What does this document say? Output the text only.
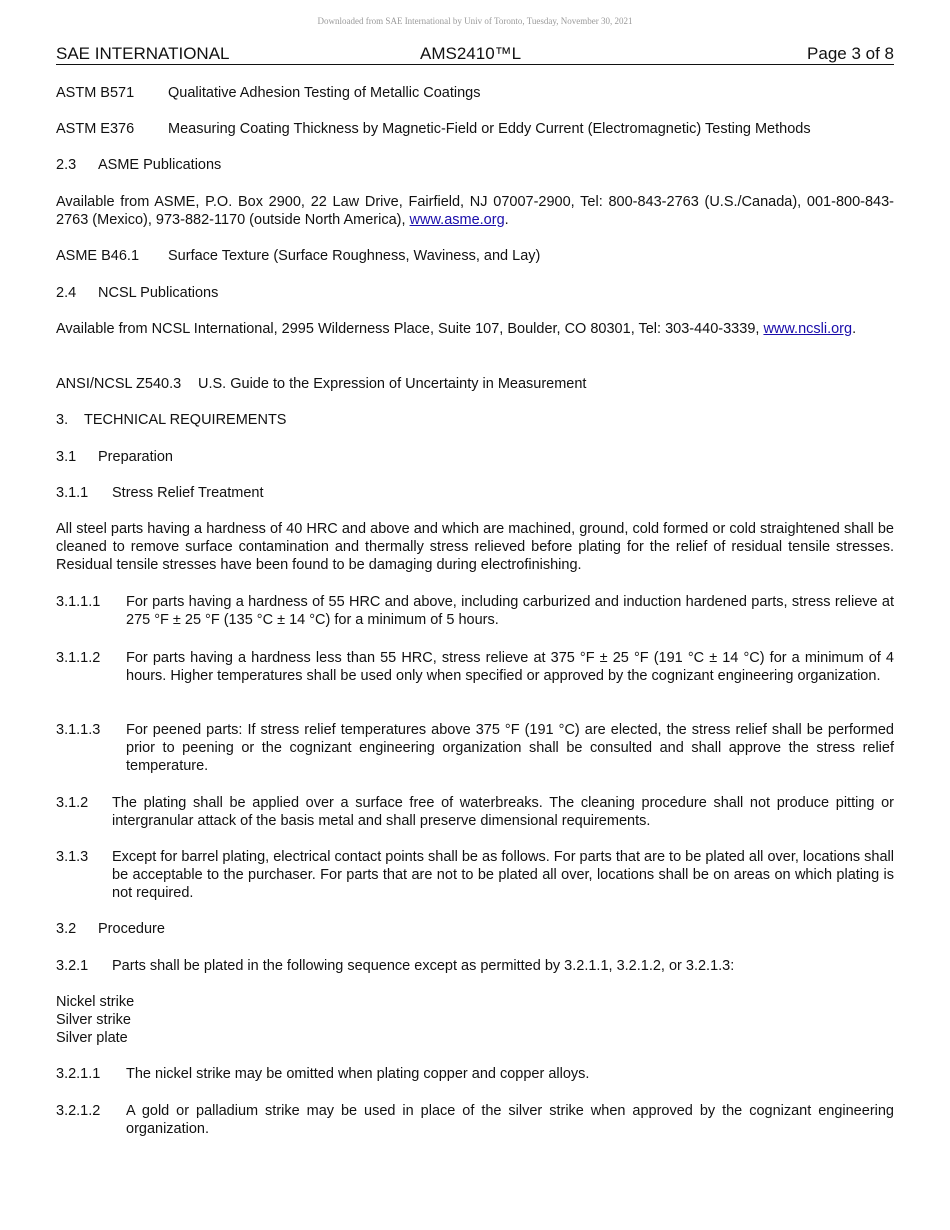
Downloaded from SAE International by Univ of Toronto, Tuesday, November 30, 2021
SAE INTERNATIONAL	AMS2410™L	Page 3 of 8
ASTM B571 Qualitative Adhesion Testing of Metallic Coatings
ASTM E376 Measuring Coating Thickness by Magnetic-Field or Eddy Current (Electromagnetic) Testing Methods
2.3 ASME Publications
Available from ASME, P.O. Box 2900, 22 Law Drive, Fairfield, NJ 07007-2900, Tel: 800-843-2763 (U.S./Canada), 001-800-843-2763 (Mexico), 973-882-1170 (outside North America), www.asme.org.
ASME B46.1 Surface Texture (Surface Roughness, Waviness, and Lay)
2.4 NCSL Publications
Available from NCSL International, 2995 Wilderness Place, Suite 107, Boulder, CO 80301, Tel: 303-440-3339, www.ncsli.org.
ANSI/NCSL Z540.3 U.S. Guide to the Expression of Uncertainty in Measurement
3. TECHNICAL REQUIREMENTS
3.1 Preparation
3.1.1 Stress Relief Treatment
All steel parts having a hardness of 40 HRC and above and which are machined, ground, cold formed or cold straightened shall be cleaned to remove surface contamination and thermally stress relieved before plating for the relief of residual tensile stresses. Residual tensile stresses have been found to be damaging during electrofinishing.
3.1.1.1 For parts having a hardness of 55 HRC and above, including carburized and induction hardened parts, stress relieve at 275 °F ± 25 °F (135 °C ± 14 °C) for a minimum of 5 hours.
3.1.1.2 For parts having a hardness less than 55 HRC, stress relieve at 375 °F ± 25 °F (191 °C ± 14 °C) for a minimum of 4 hours. Higher temperatures shall be used only when specified or approved by the cognizant engineering organization.
3.1.1.3 For peened parts: If stress relief temperatures above 375 °F (191 °C) are elected, the stress relief shall be performed prior to peening or the cognizant engineering organization shall be consulted and shall approve the stress relief temperature.
3.1.2 The plating shall be applied over a surface free of waterbreaks. The cleaning procedure shall not produce pitting or intergranular attack of the basis metal and shall preserve dimensional requirements.
3.1.3 Except for barrel plating, electrical contact points shall be as follows. For parts that are to be plated all over, locations shall be acceptable to the purchaser. For parts that are not to be plated all over, locations shall be on areas on which plating is not required.
3.2 Procedure
3.2.1 Parts shall be plated in the following sequence except as permitted by 3.2.1.1, 3.2.1.2, or 3.2.1.3:
Nickel strike
Silver strike
Silver plate
3.2.1.1 The nickel strike may be omitted when plating copper and copper alloys.
3.2.1.2 A gold or palladium strike may be used in place of the silver strike when approved by the cognizant engineering organization.
